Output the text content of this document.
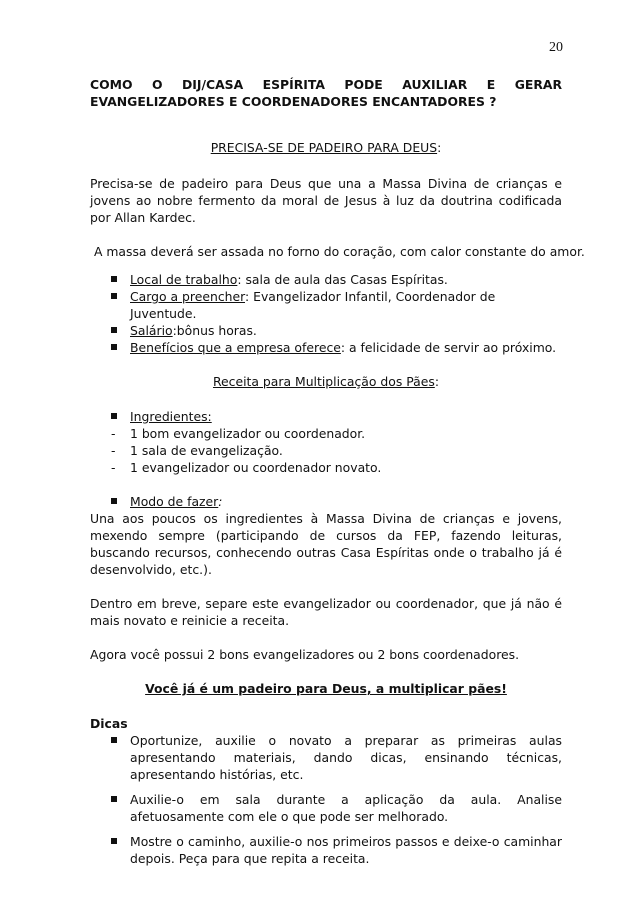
20
COMO O DIJ/CASA ESPÍRITA PODE AUXILIAR E GERAR
EVANGELIZADORES E COORDENADORES ENCANTADORES ?

PRECISA-SE DE PADEIRO PARA DEUS:

Precisa-se de padeiro para Deus que una a Massa Divina de crianças e jovens ao nobre fermento da moral de Jesus à luz da doutrina codificada por Allan Kardec.

A massa deverá ser assada no forno do coração, com calor constante do amor.

Local de trabalho: sala de aula das Casas Espíritas.
Cargo a preencher: Evangelizador Infantil, Coordenador de Juventude.
Salário:bônus horas.
Benefícios que a empresa oferece: a felicidade de servir ao próximo.

Receita para Multiplicação dos Pães:

Ingredientes:
- 1 bom evangelizador ou coordenador.
- 1 sala de evangelização.
- 1 evangelizador ou coordenador novato.
Modo de fazer:

Una aos poucos os ingredientes à Massa Divina de crianças e jovens, mexendo sempre (participando de cursos da FEP, fazendo leituras, buscando recursos, conhecendo outras Casa Espíritas onde o trabalho já é desenvolvido, etc.).

Dentro em breve, separe este evangelizador ou coordenador, que já não é mais novato e reinicie a receita.

Agora você possui 2 bons evangelizadores ou 2 bons coordenadores.

Você já é um padeiro para Deus, a multiplicar pães!

Dicas

Oportunize, auxilie o novato a preparar as primeiras aulas apresentando materiais, dando dicas, ensinando técnicas, apresentando histórias, etc.
Auxilie-o em sala durante a aplicação da aula. Analise afetuosamente com ele o que pode ser melhorado.
Mostre o caminho, auxilie-o nos primeiros passos e deixe-o caminhar depois. Peça para que repita a receita.
